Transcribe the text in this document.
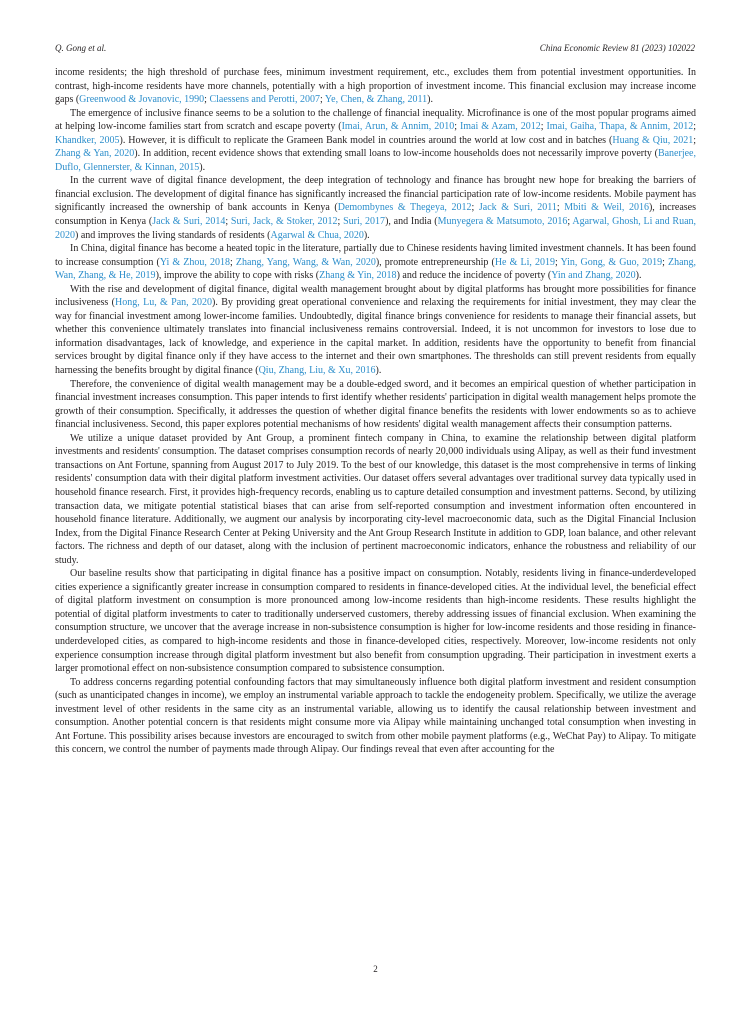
Q. Gong et al.	China Economic Review 81 (2023) 102022

income residents; the high threshold of purchase fees, minimum investment requirement, etc., excludes them from potential investment opportunities. In contrast, high-income residents have more channels, potentially with a high proportion of investment income. This financial exclusion may increase income gaps (Greenwood & Jovanovic, 1990; Claessens and Perotti, 2007; Ye, Chen, & Zhang, 2011).

The emergence of inclusive finance seems to be a solution to the challenge of financial inequality. Microfinance is one of the most popular programs aimed at helping low-income families start from scratch and escape poverty (Imai, Arun, & Annim, 2010; Imai & Azam, 2012; Imai, Gaiha, Thapa, & Annim, 2012; Khandker, 2005). However, it is difficult to replicate the Grameen Bank model in countries around the world at low cost and in batches (Huang & Qiu, 2021; Zhang & Yan, 2020). In addition, recent evidence shows that extending small loans to low-income households does not necessarily improve poverty (Banerjee, Duflo, Glennerster, & Kinnan, 2015).

In the current wave of digital finance development, the deep integration of technology and finance has brought new hope for breaking the barriers of financial exclusion. The development of digital finance has significantly increased the financial participation rate of low-income residents. Mobile payment has significantly increased the ownership of bank accounts in Kenya (Demombynes & Thegeya, 2012; Jack & Suri, 2011; Mbiti & Weil, 2016), increases consumption in Kenya (Jack & Suri, 2014; Suri, Jack, & Stoker, 2012; Suri, 2017), and India (Munyegera & Matsumoto, 2016; Agarwal, Ghosh, Li and Ruan, 2020) and improves the living standards of residents (Agarwal & Chua, 2020).

In China, digital finance has become a heated topic in the literature, partially due to Chinese residents having limited investment channels. It has been found to increase consumption (Yi & Zhou, 2018; Zhang, Yang, Wang, & Wan, 2020), promote entrepreneurship (He & Li, 2019; Yin, Gong, & Guo, 2019; Zhang, Wan, Zhang, & He, 2019), improve the ability to cope with risks (Zhang & Yin, 2018) and reduce the incidence of poverty (Yin and Zhang, 2020).

With the rise and development of digital finance, digital wealth management brought about by digital platforms has brought more possibilities for finance inclusiveness (Hong, Lu, & Pan, 2020). By providing great operational convenience and relaxing the requirements for initial investment, they may clear the way for financial investment among lower-income families. Undoubtedly, digital finance brings convenience for residents to manage their financial assets, but whether this convenience ultimately translates into financial inclusiveness remains controversial. Indeed, it is not uncommon for investors to lose due to information disadvantages, lack of knowledge, and experience in the capital market. In addition, residents have the opportunity to benefit from financial services brought by digital finance only if they have access to the internet and their own smartphones. The thresholds can still prevent residents from equally harnessing the benefits brought by digital finance (Qiu, Zhang, Liu, & Xu, 2016).

Therefore, the convenience of digital wealth management may be a double-edged sword, and it becomes an empirical question of whether participation in financial investment increases consumption. This paper intends to first identify whether residents' participation in digital wealth management helps promote the growth of their consumption. Specifically, it addresses the question of whether digital finance benefits the residents with lower endowments so as to achieve financial inclusiveness. Second, this paper explores potential mechanisms of how residents' digital wealth management affects their consumption patterns.

We utilize a unique dataset provided by Ant Group, a prominent fintech company in China, to examine the relationship between digital platform investments and residents' consumption. The dataset comprises consumption records of nearly 20,000 individuals using Alipay, as well as their fund investment transactions on Ant Fortune, spanning from August 2017 to July 2019. To the best of our knowledge, this dataset is the most comprehensive in terms of linking residents' consumption data with their digital platform investment activities. Our dataset offers several advantages over traditional survey data typically used in household finance research. First, it provides high-frequency records, enabling us to capture detailed consumption and investment patterns. Second, by utilizing transaction data, we mitigate potential statistical biases that can arise from self-reported consumption and investment information often encountered in household finance literature. Additionally, we augment our analysis by incorporating city-level macroeconomic data, such as the Digital Financial Inclusion Index, from the Digital Finance Research Center at Peking University and the Ant Group Research Institute in addition to GDP, loan balance, and other relevant factors. The richness and depth of our dataset, along with the inclusion of pertinent macroeconomic indicators, enhance the robustness and reliability of our study.

Our baseline results show that participating in digital finance has a positive impact on consumption. Notably, residents living in finance-underdeveloped cities experience a significantly greater increase in consumption compared to residents in finance-developed cities. At the individual level, the beneficial effect of digital platform investment on consumption is more pronounced among low-income residents than high-income residents. These results highlight the potential of digital platform investments to cater to traditionally underserved customers, thereby addressing issues of financial exclusion. When examining the consumption structure, we uncover that the average increase in non-subsistence consumption is higher for low-income residents and those residing in finance-underdeveloped cities, as compared to high-income residents and those in finance-developed cities, respectively. Moreover, low-income residents not only experience consumption increase through digital platform investment but also benefit from consumption upgrading. Their participation in investment exerts a larger promotional effect on non-subsistence consumption compared to subsistence consumption.

To address concerns regarding potential confounding factors that may simultaneously influence both digital platform investment and resident consumption (such as unanticipated changes in income), we employ an instrumental variable approach to tackle the endogeneity problem. Specifically, we utilize the average investment level of other residents in the same city as an instrumental variable, allowing us to identify the causal relationship between investment and consumption. Another potential concern is that residents might consume more via Alipay while maintaining unchanged total consumption when investing in Ant Fortune. This possibility arises because investors are encouraged to switch from other mobile payment platforms (e.g., WeChat Pay) to Alipay. To mitigate this concern, we control the number of payments made through Alipay. Our findings reveal that even after accounting for the

2
